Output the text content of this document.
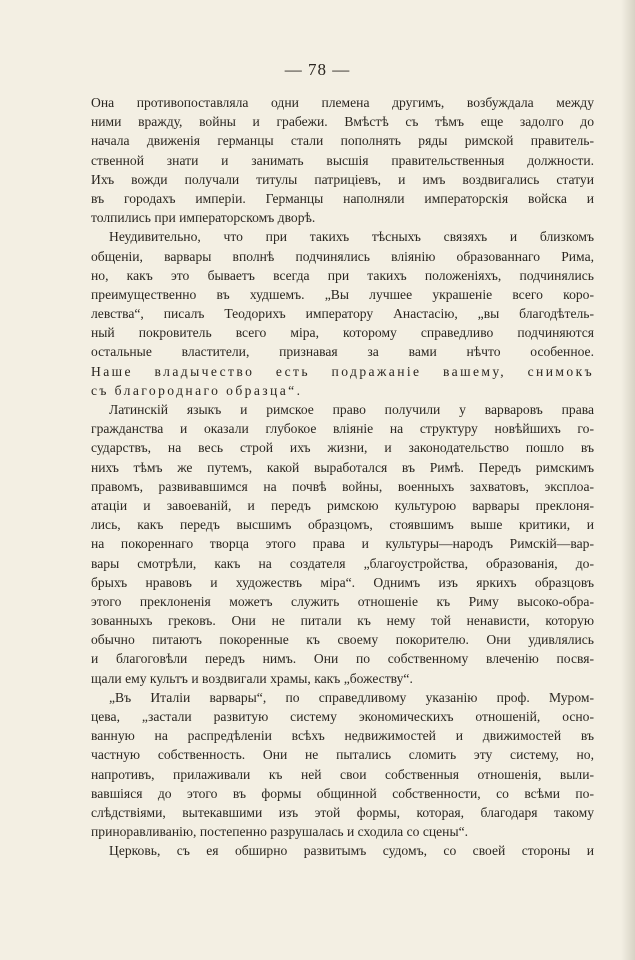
— 78 —
Она противопоставляла одни племена другимъ, возбуждала между
ними вражду, войны и грабежи. Вмѣстѣ съ тѣмъ еще задолго до
начала движенія германцы стали пополнять ряды римской правитель-
ственной знати и занимать высшія правительственныя должности.
Ихъ вожди получали титулы патриціевъ, и имъ воздвигались статуи
въ городахъ имперіи. Германцы наполняли императорскія войска и
толпились при императорскомъ дворѣ.
Неудивительно, что при такихъ тѣсныхъ связяхъ и близкомъ
общеніи, варвары вполнѣ подчинялись вліянію образованнаго Рима,
но, какъ это бываетъ всегда при такихъ положеніяхъ, подчинялись
преимущественно въ худшемъ. „Вы лучшее украшеніе всего коро-
левства“, писалъ Теодорихъ императору Анастасію, „вы благодѣтель-
ный покровитель всего міра, которому справедливо подчиняются
остальные властители, признавая за вами нѣчто особенное.
Наше владычество есть подражаніе вашему, снимокъ
съ благороднаго образца“.
Латинскій языкъ и римское право получили у варваровъ права
гражданства и оказали глубокое вліяніе на структуру новѣйшихъ го-
сударствъ, на весь строй ихъ жизни, и законодательство пошло въ
нихъ тѣмъ же путемъ, какой выработался въ Римѣ. Передъ римскимъ
правомъ, развивавшимся на почвѣ войны, военныхъ захватовъ, эксплоа-
атаціи и завоеваній, и передъ римскою культурою варвары преклоня-
лись, какъ передъ высшимъ образцомъ, стоявшимъ выше критики, и
на покореннаго творца этого права и культуры—народъ Римскій—вар-
вары смотрѣли, какъ на создателя „благоустройства, образованія, до-
брыхъ нравовъ и художествъ міра“. Однимъ изъ яркихъ образцовъ
этого преклоненія можетъ служить отношеніе къ Риму высоко-обра-
зованныхъ грековъ. Они не питали къ нему той ненависти, которую
обычно питаютъ покоренные къ своему покорителю. Они удивлялись
и благоговѣли передъ нимъ. Они по собственному влеченію посвя-
щали ему культъ и воздвигали храмы, какъ „божеству“.
„Въ Италіи варвары“, по справедливому указанію проф. Муром-
цева, „застали развитую систему экономическихъ отношеній, осно-
ванную на распредѣленіи всѣхъ недвижимостей и движимостей въ
частную собственность. Они не пытались сломить эту систему, но,
напротивъ, прилаживали къ ней свои собственныя отношенія, выли-
вавшіяся до этого въ формы общинной собственности, со всѣми по-
слѣдствіями, вытекавшими изъ этой формы, которая, благодаря такому
приноравливанію, постепенно разрушалась и сходила со сцены“.
Церковь, съ ея обширно развитымъ судомъ, со своей стороны и
